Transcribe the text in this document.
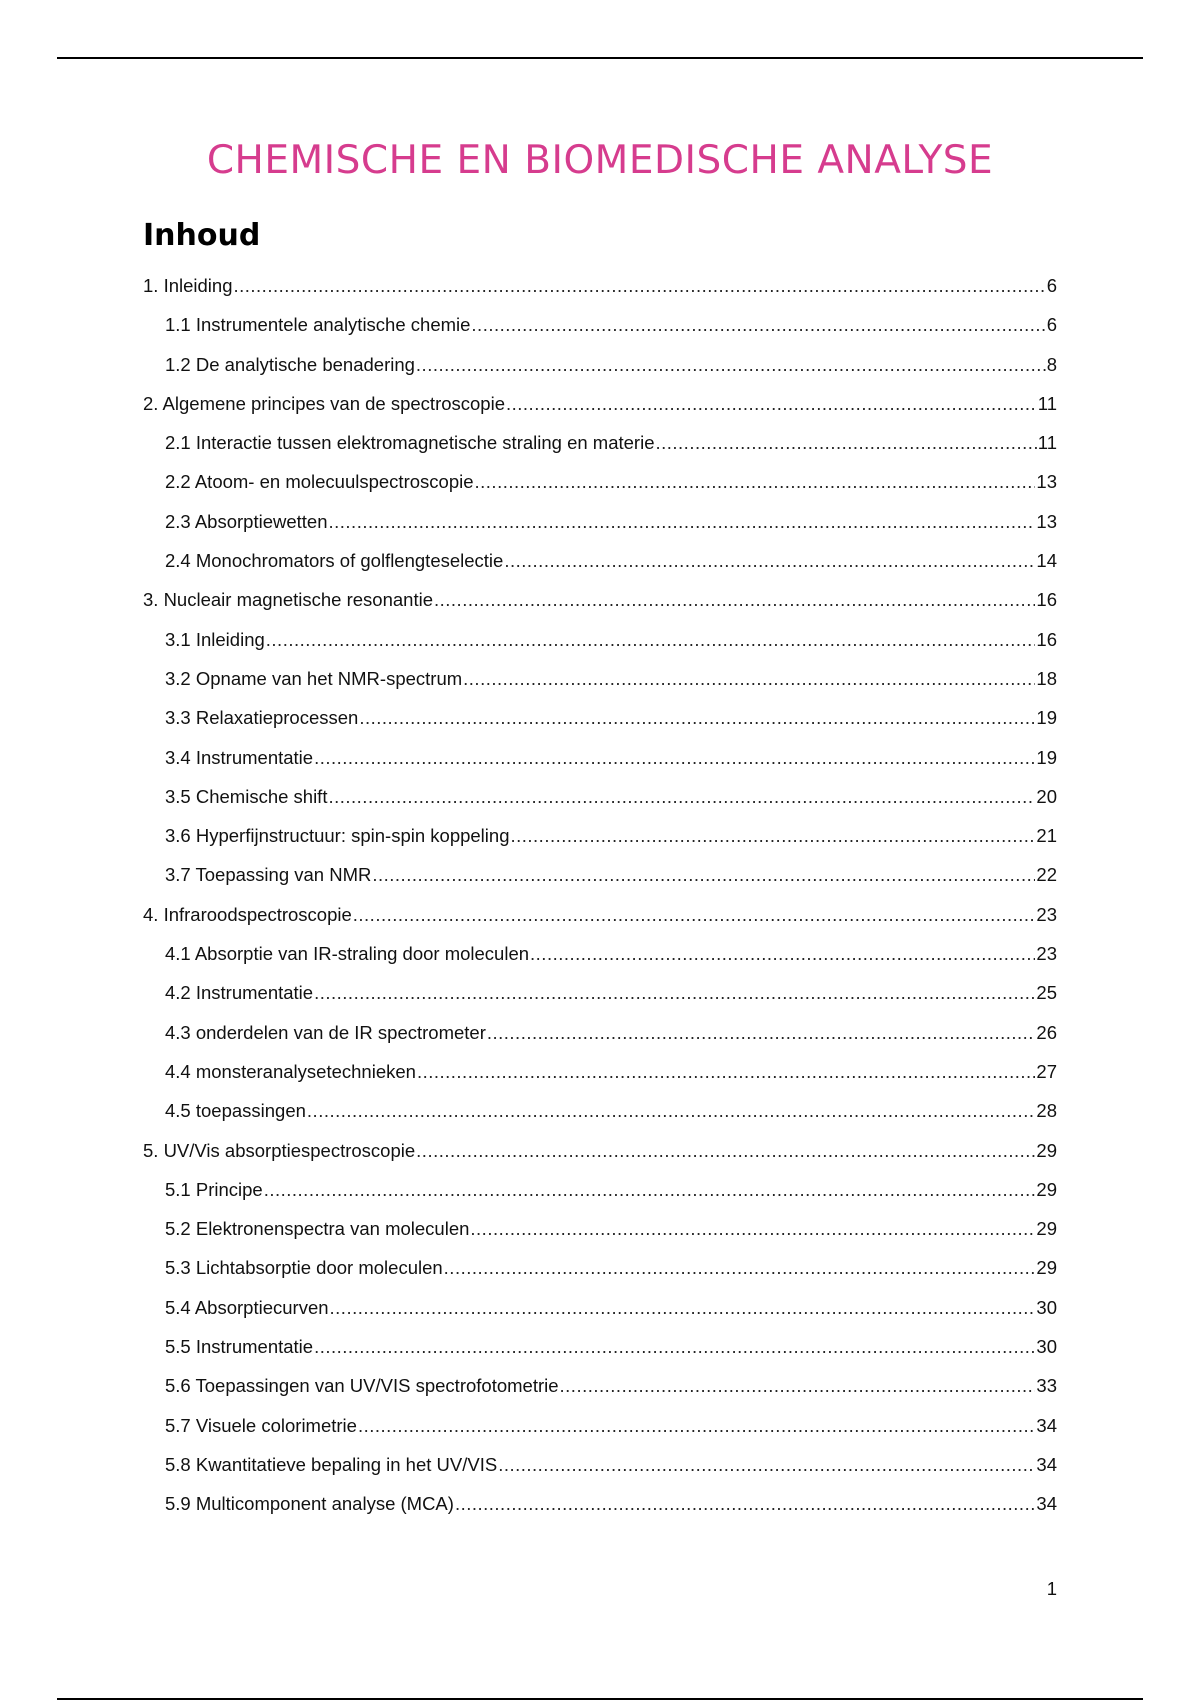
CHEMISCHE EN BIOMEDISCHE ANALYSE
Inhoud
1. Inleiding .....	6
1.1 Instrumentele analytische chemie .....	6
1.2 De analytische benadering .....	8
2. Algemene principes van de spectroscopie .....	11
2.1 Interactie tussen elektromagnetische straling en materie .....	11
2.2 Atoom- en molecuulspectroscopie .....	13
2.3 Absorptiewetten .....	13
2.4 Monochromators of golflengteselectie .....	14
3. Nucleair magnetische resonantie .....	16
3.1 Inleiding .....	16
3.2 Opname van het NMR-spectrum .....	18
3.3 Relaxatieprocessen .....	19
3.4 Instrumentatie .....	19
3.5 Chemische shift .....	20
3.6 Hyperfijnstructuur: spin-spin koppeling .....	21
3.7 Toepassing van NMR .....	22
4. Infraroodspectroscopie .....	23
4.1 Absorptie van IR-straling door moleculen .....	23
4.2 Instrumentatie .....	25
4.3 onderdelen van de IR spectrometer .....	26
4.4 monsteranalysetechnieken .....	27
4.5 toepassingen .....	28
5. UV/Vis absorptiespectroscopie .....	29
5.1 Principe .....	29
5.2 Elektronenspectra van moleculen .....	29
5.3 Lichtabsorptie door moleculen .....	29
5.4 Absorptiecurven .....	30
5.5 Instrumentatie .....	30
5.6 Toepassingen van UV/VIS spectrofotometrie .....	33
5.7 Visuele colorimetrie .....	34
5.8 Kwantitatieve bepaling in het UV/VIS .....	34
5.9 Multicomponent analyse (MCA) .....	34
1
